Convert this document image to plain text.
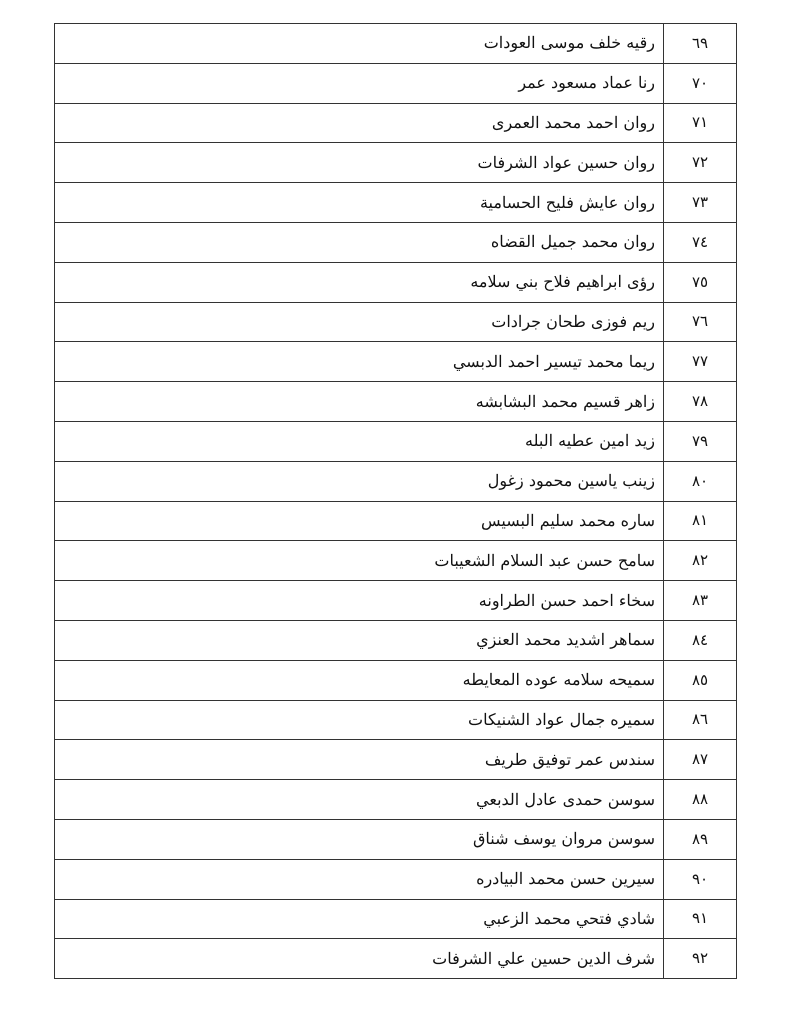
٦٩	رقيه خلف موسى العودات
٧٠	رنا عماد مسعود عمر
٧١	روان احمد محمد العمرى
٧٢	روان حسين عواد الشرفات
٧٣	روان عايش فليح الحسامية
٧٤	روان محمد جميل القضاه
٧٥	رؤى ابراهيم فلاح بني سلامه
٧٦	ريم فوزى طحان جرادات
٧٧	ريما محمد تيسير احمد الدبسي
٧٨	زاهر قسيم محمد البشابشه
٧٩	زيد امين عطيه البله
٨٠	زينب ياسين محمود زغول
٨١	ساره محمد سليم البسيس
٨٢	سامح حسن عبد السلام الشعيبات
٨٣	سخاء احمد حسن الطراونه
٨٤	سماهر اشديد محمد العنزي
٨٥	سميحه سلامه عوده المعايطه
٨٦	سميره جمال عواد الشنيكات
٨٧	سندس عمر توفيق طريف
٨٨	سوسن حمدى عادل الدبعي
٨٩	سوسن مروان يوسف شناق
٩٠	سيرين حسن محمد البيادره
٩١	شادي فتحي محمد الزعبي
٩٢	شرف الدين حسين علي الشرفات
